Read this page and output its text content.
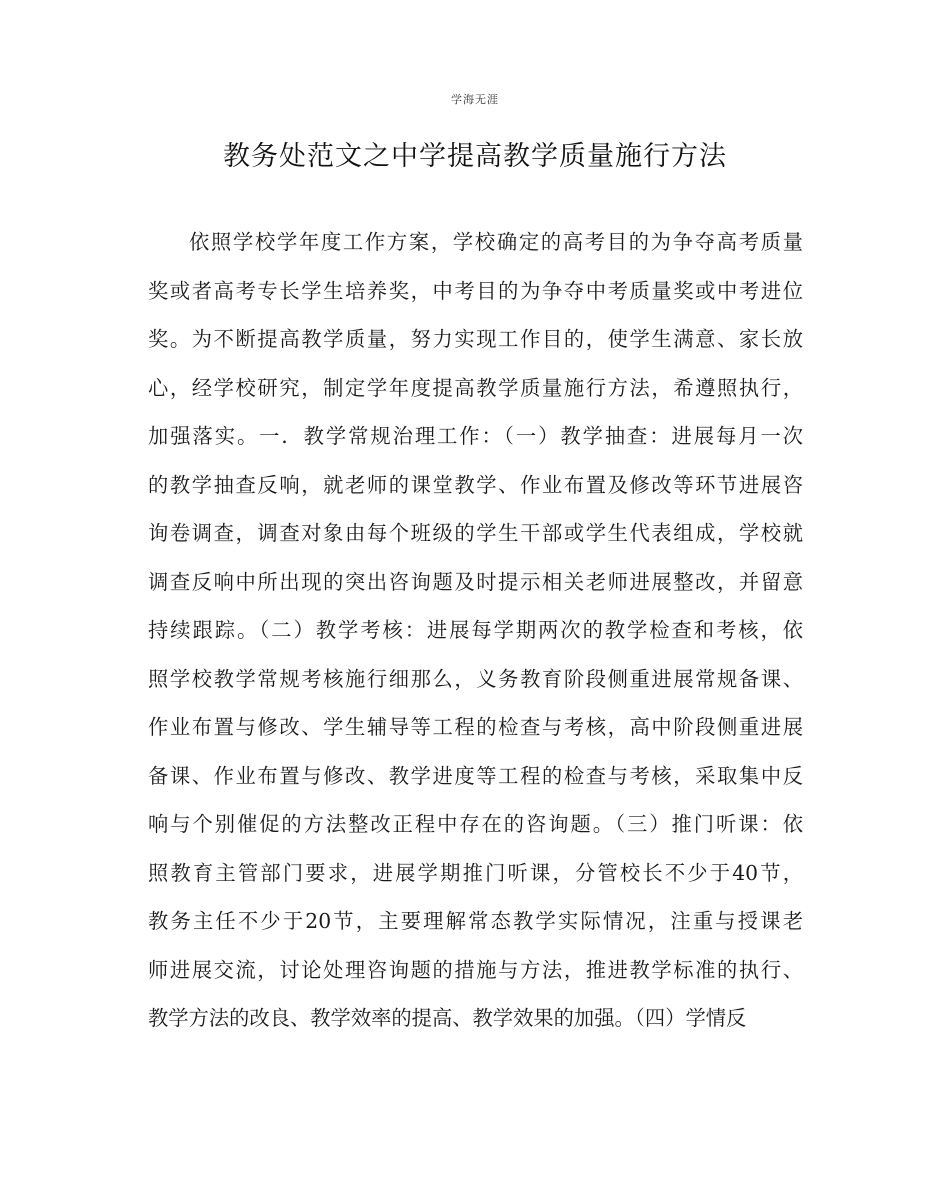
学海无涯
教务处范文之中学提高教学质量施行方法
依照学校学年度工作方案，学校确定的高考目的为争夺高考质量
奖或者高考专长学生培养奖，中考目的为争夺中考质量奖或中考进位
奖。为不断提高教学质量，努力实现工作目的，使学生满意、家长放
心，经学校研究，制定学年度提高教学质量施行方法，希遵照执行，
加强落实。一．教学常规治理工作：（一）教学抽查：进展每月一次
的教学抽查反响，就老师的课堂教学、作业布置及修改等环节进展咨
询卷调查，调查对象由每个班级的学生干部或学生代表组成，学校就
调查反响中所出现的突出咨询题及时提示相关老师进展整改，并留意
持续跟踪。（二）教学考核：进展每学期两次的教学检查和考核，依
照学校教学常规考核施行细那么，义务教育阶段侧重进展常规备课、
作业布置与修改、学生辅导等工程的检查与考核，高中阶段侧重进展
备课、作业布置与修改、教学进度等工程的检查与考核，采取集中反
响与个别催促的方法整改正程中存在的咨询题。（三）推门听课：依
照教育主管部门要求，进展学期推门听课，分管校长不少于40节，
教务主任不少于20节，主要理解常态教学实际情况，注重与授课老
师进展交流，讨论处理咨询题的措施与方法，推进教学标准的执行、
教学方法的改良、教学效率的提高、教学效果的加强。（四）学情反
